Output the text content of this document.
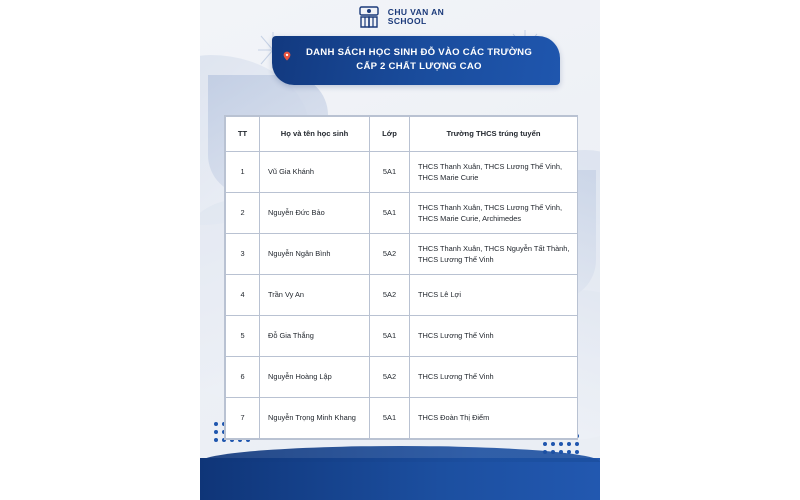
CHU VAN AN
SCHOOL
DANH SÁCH HỌC SINH ĐỖ VÀO CÁC TRƯỜNG
CẤP 2 CHẤT LƯỢNG CAO
TT	Họ và tên học sinh	Lớp	Trường THCS trúng tuyển
1	Vũ Gia Khánh	5A1	THCS Thanh Xuân, THCS Lương Thế Vinh, THCS Marie Curie
2	Nguyễn Đức Bảo	5A1	THCS Thanh Xuân, THCS Lương Thế Vinh, THCS Marie Curie, Archimedes
3	Nguyễn Ngân Bình	5A2	THCS Thanh Xuân, THCS Nguyễn Tất Thành, THCS Lương Thế Vinh
4	Trần Vy An	5A2	THCS Lê Lợi
5	Đỗ Gia Thắng	5A1	THCS Lương Thế Vinh
6	Nguyễn Hoàng Lập	5A2	THCS Lương Thế Vinh
7	Nguyễn Trọng Minh Khang	5A1	THCS Đoàn Thị Điểm
